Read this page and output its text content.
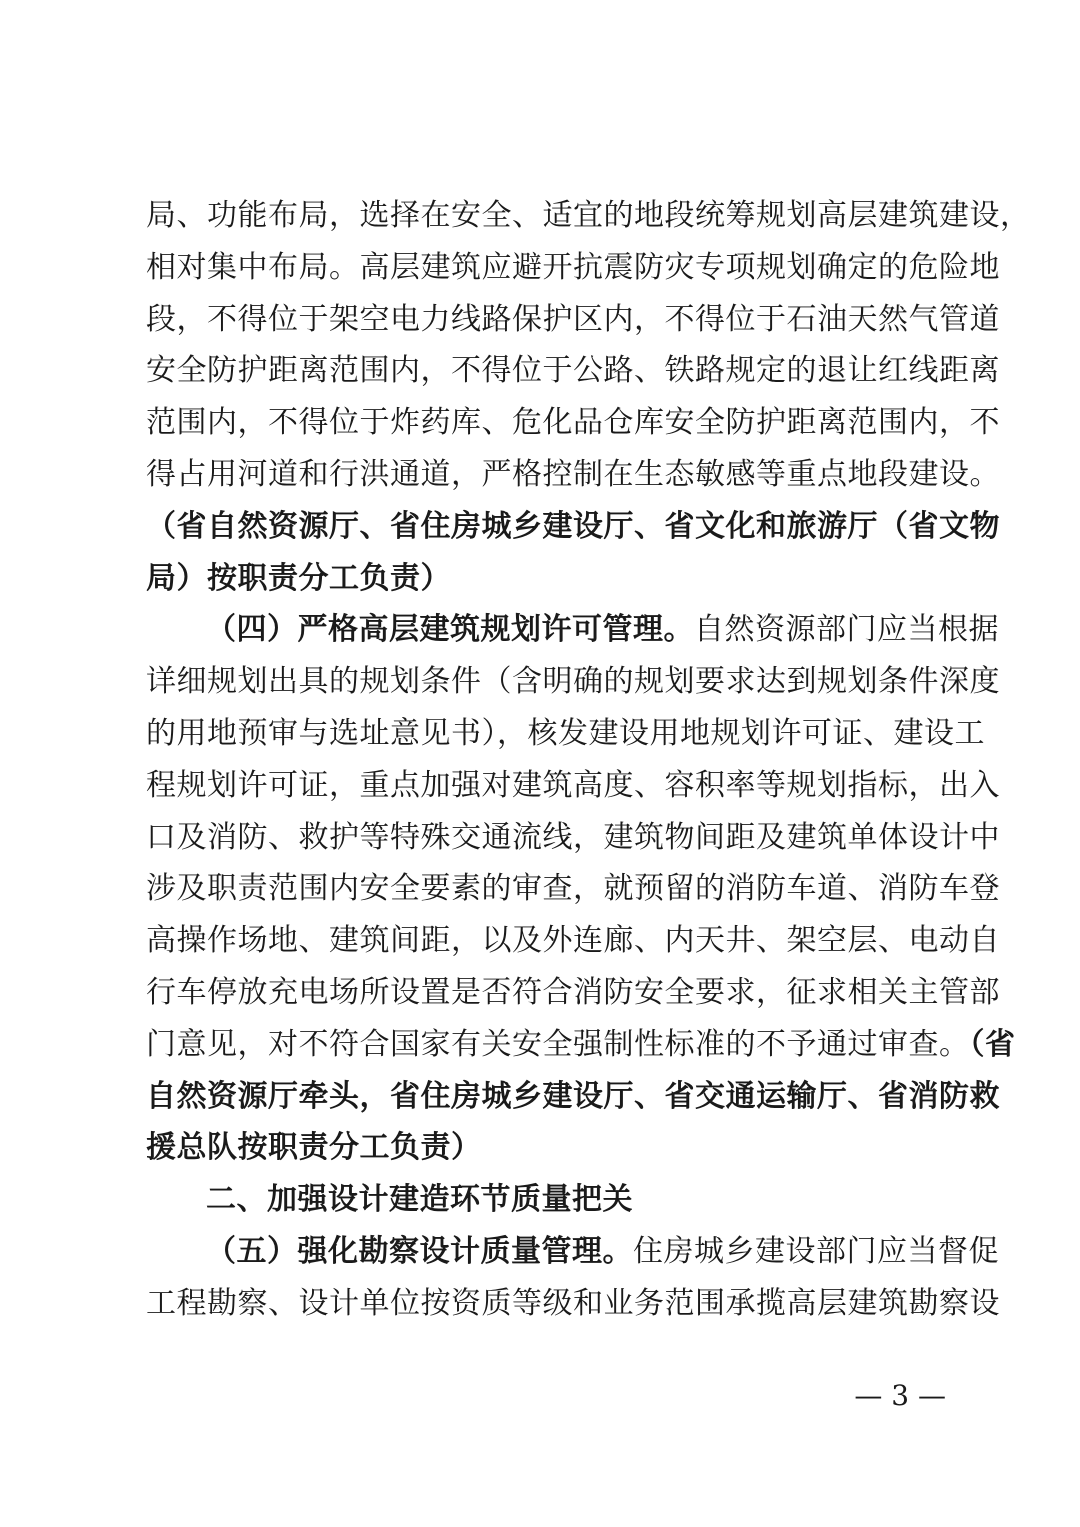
局、功能布局，选择在安全、适宜的地段统筹规划高层建筑建设，
相对集中布局。高层建筑应避开抗震防灾专项规划确定的危险地
段，不得位于架空电力线路保护区内，不得位于石油天然气管道
安全防护距离范围内，不得位于公路、铁路规定的退让红线距离
范围内，不得位于炸药库、危化品仓库安全防护距离范围内，不
得占用河道和行洪通道，严格控制在生态敏感等重点地段建设。
（省自然资源厅、省住房城乡建设厅、省文化和旅游厅（省文物
局）按职责分工负责）
（四）严格高层建筑规划许可管理。自然资源部门应当根据
详细规划出具的规划条件（含明确的规划要求达到规划条件深度
的用地预审与选址意见书），核发建设用地规划许可证、建设工
程规划许可证，重点加强对建筑高度、容积率等规划指标，出入
口及消防、救护等特殊交通流线，建筑物间距及建筑单体设计中
涉及职责范围内安全要素的审查，就预留的消防车道、消防车登
高操作场地、建筑间距，以及外连廊、内天井、架空层、电动自
行车停放充电场所设置是否符合消防安全要求，征求相关主管部
门意见，对不符合国家有关安全强制性标准的不予通过审查。（省
自然资源厅牵头，省住房城乡建设厅、省交通运输厅、省消防救
援总队按职责分工负责）
二、加强设计建造环节质量把关
（五）强化勘察设计质量管理。住房城乡建设部门应当督促
工程勘察、设计单位按资质等级和业务范围承揽高层建筑勘察设
— 3 —
